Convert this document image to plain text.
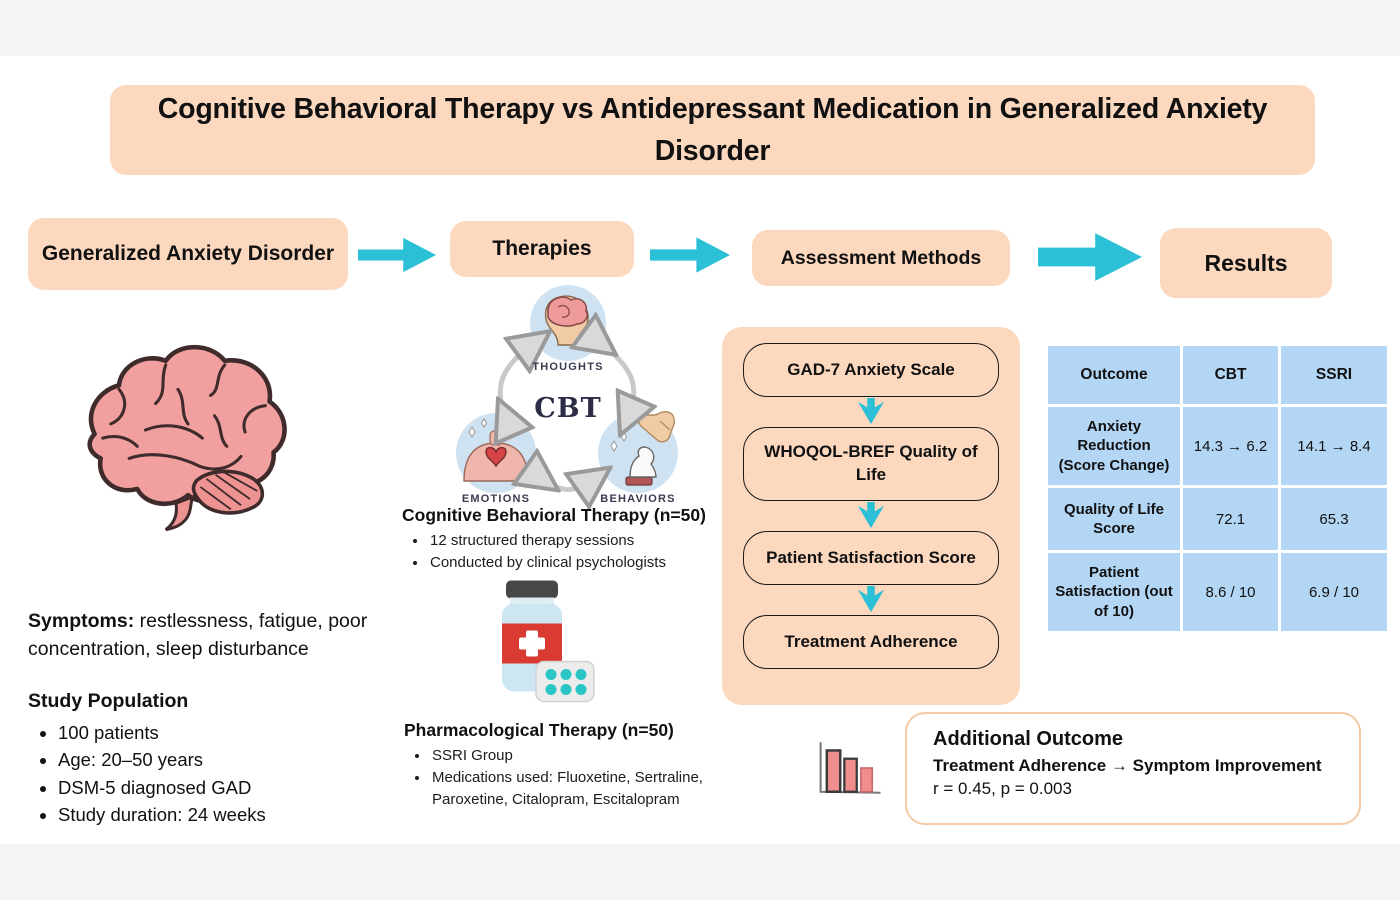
Cognitive Behavioral Therapy vs Antidepressant Medication in Generalized Anxiety Disorder
Generalized Anxiety Disorder	Therapies	Assessment Methods	Results
THOUGHTS
CBT
EMOTIONS	BEHAVIORS
Cognitive Behavioral Therapy (n=50)
• 12 structured therapy sessions
• Conducted by clinical psychologists
Pharmacological Therapy (n=50)
• SSRI Group
• Medications used: Fluoxetine, Sertraline, Paroxetine, Citalopram, Escitalopram
Symptoms: restlessness, fatigue, poor concentration, sleep disturbance
Study Population
• 100 patients
• Age: 20–50 years
• DSM-5 diagnosed GAD
• Study duration: 24 weeks
GAD-7 Anxiety Scale
WHOQOL-BREF Quality of Life
Patient Satisfaction Score
Treatment Adherence
Outcome	CBT	SSRI
Anxiety Reduction (Score Change)	14.3 → 6.2	14.1 → 8.4
Quality of Life Score	72.1	65.3
Patient Satisfaction (out of 10)	8.6 / 10	6.9 / 10
Additional Outcome
Treatment Adherence → Symptom Improvement
r = 0.45, p = 0.003
